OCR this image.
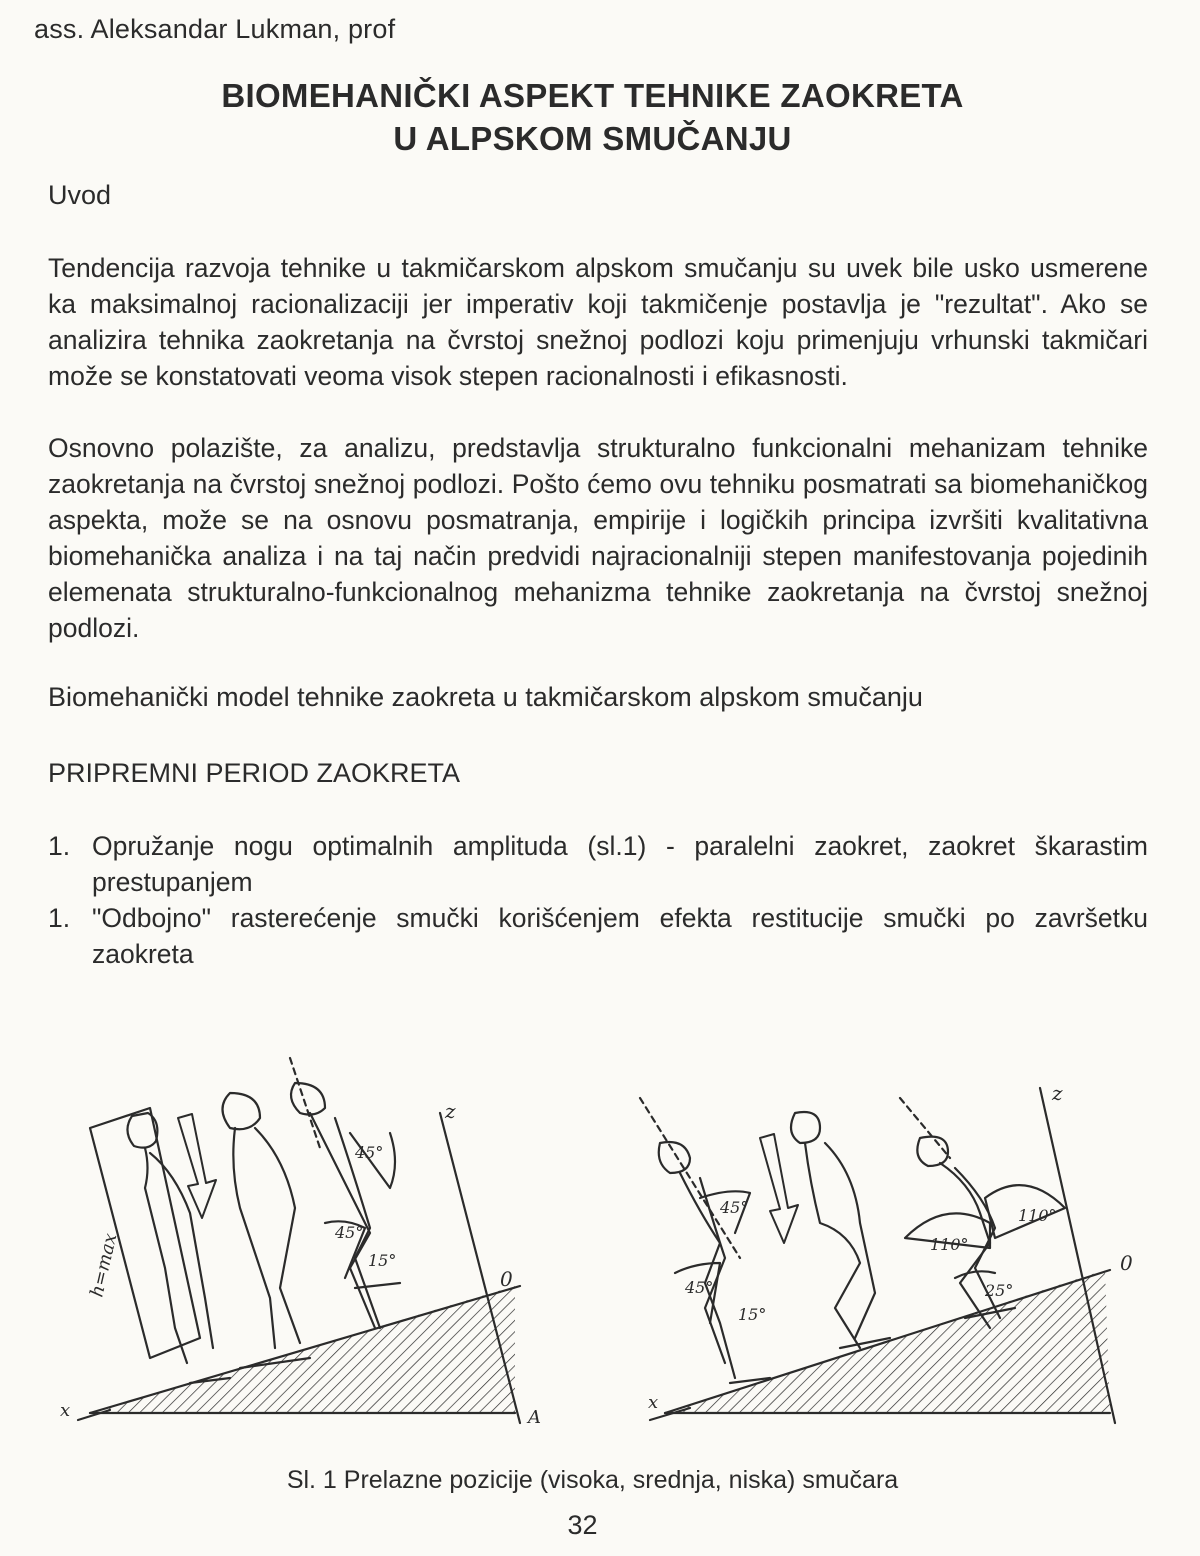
ass. Aleksandar Lukman, prof
BIOMEHANIČKI ASPEKT TEHNIKE ZAOKRETA
U ALPSKOM SMUČANJU
Uvod
Tendencija razvoja tehnike u takmičarskom alpskom smučanju su uvek bile usko usmerene ka maksimalnoj racionalizaciji jer imperativ koji takmičenje postavlja je "rezultat". Ako se analizira tehnika zaokretanja na čvrstoj snežnoj podlozi koju primenjuju vrhunski takmičari može se konstatovati veoma visok stepen racionalnosti i efikasnosti.
Osnovno polazište, za analizu, predstavlja strukturalno funkcionalni mehanizam tehnike zaokretanja na čvrstoj snežnoj podlozi. Pošto ćemo ovu tehniku posmatrati sa biomehaničkog aspekta, može se na osnovu posmatranja, empirije i logičkih principa izvršiti kvalitativna biomehanička analiza i na taj način predvidi najracionalniji stepen manifestovanja pojedinih elemenata strukturalno-funkcionalnog mehanizma tehnike zaokretanja na čvrstoj snežnoj podlozi.
Biomehanički model tehnike zaokreta u takmičarskom alpskom smučanju
PRIPREMNI PERIOD ZAOKRETA
1. Opružanje nogu optimalnih amplituda (sl.1) - paralelni zaokret, zaokret škarastim prestupanjem
1. "Odbojno" rasterećenje smučki korišćenjem efekta restitucije smučki po završetku zaokreta
z
0
A
x
h=max
45°
45°
15°
z
0
x
45°
45°
15°
110°
110°
25°
Sl. 1 Prelazne pozicije (visoka, srednja, niska) smučara
32
